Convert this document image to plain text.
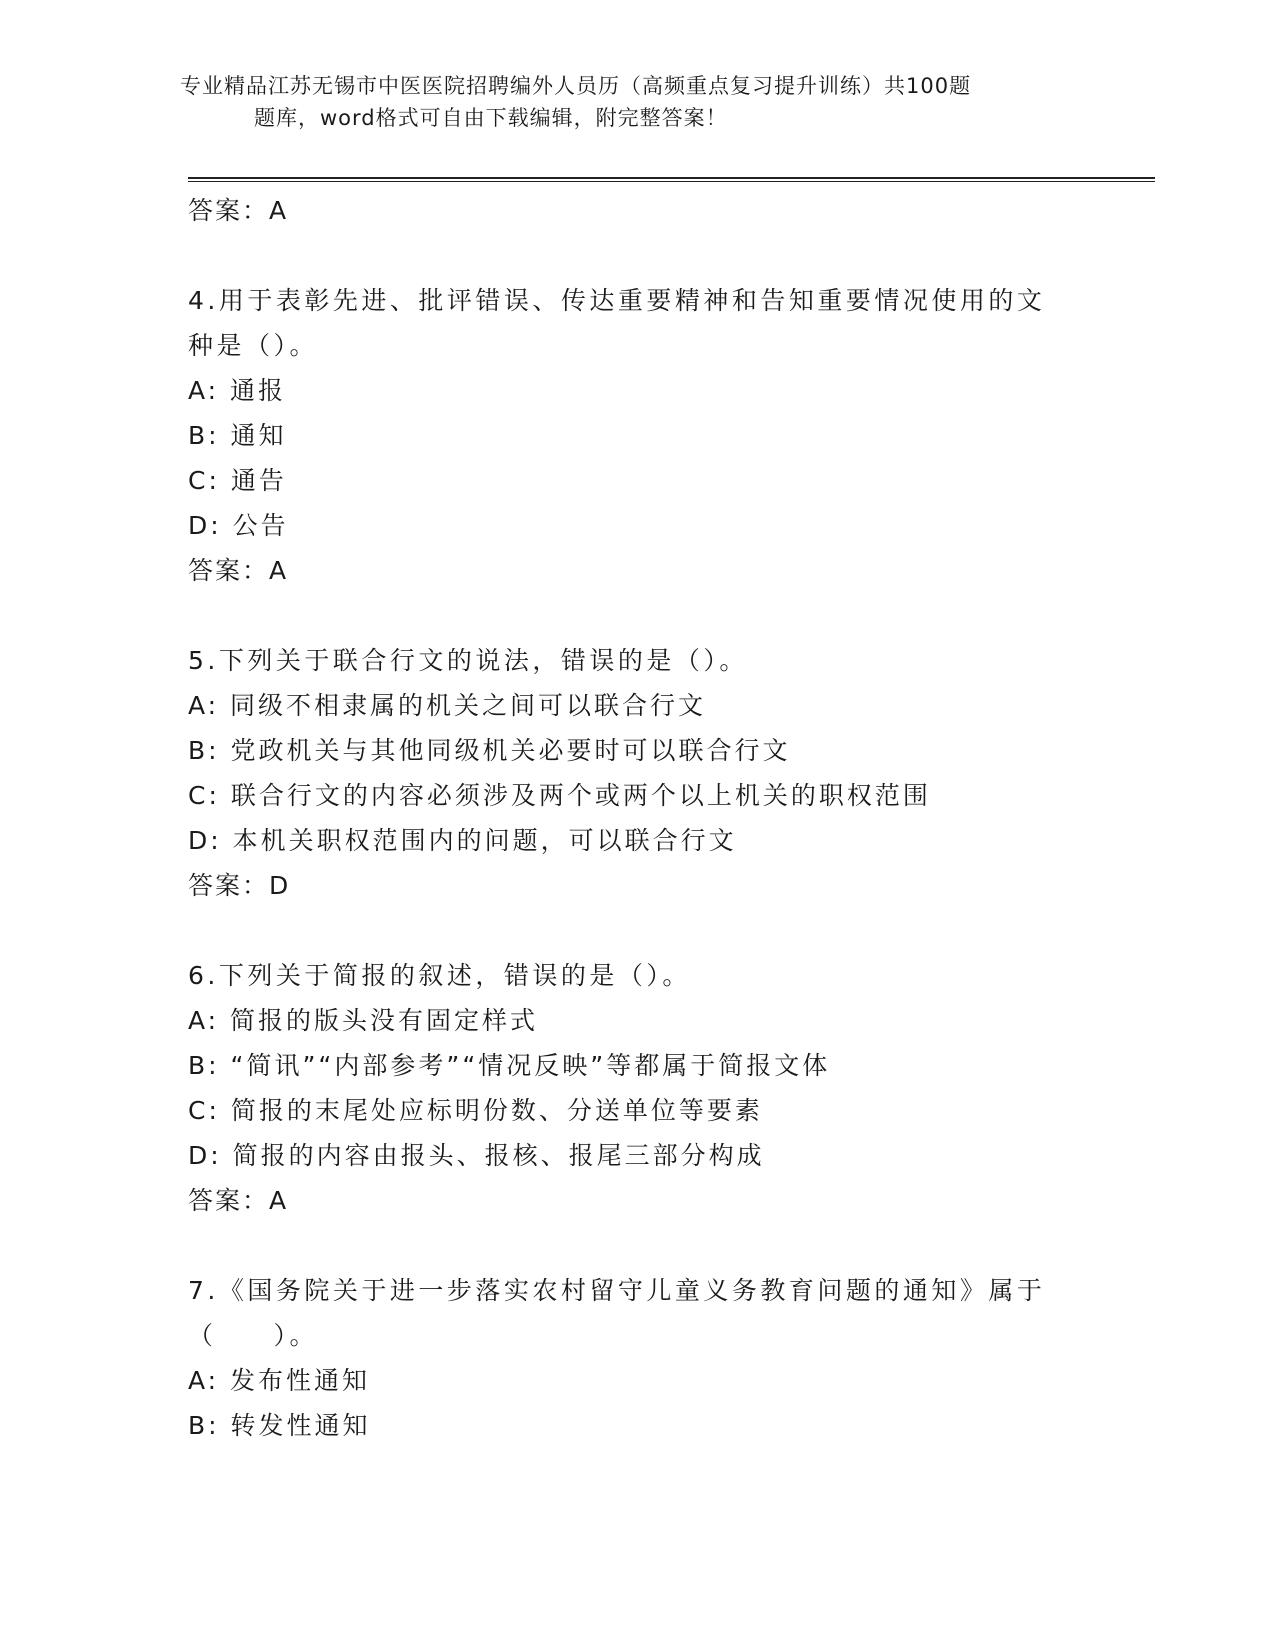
专业精品江苏无锡市中医医院招聘编外人员历（高频重点复习提升训练）共100题
题库，word格式可自由下载编辑，附完整答案！
答案：A
4.用于表彰先进、批评错误、传达重要精神和告知重要情况使用的文
种是（）。
A: 通报
B: 通知
C: 通告
D: 公告
答案：A
5.下列关于联合行文的说法，错误的是（）。
A: 同级不相隶属的机关之间可以联合行文
B: 党政机关与其他同级机关必要时可以联合行文
C: 联合行文的内容必须涉及两个或两个以上机关的职权范围
D: 本机关职权范围内的问题，可以联合行文
答案：D
6.下列关于简报的叙述，错误的是（）。
A: 简报的版头没有固定样式
B: “简讯”“内部参考”“情况反映”等都属于简报文体
C: 简报的末尾处应标明份数、分送单位等要素
D: 简报的内容由报头、报核、报尾三部分构成
答案：A
7.《国务院关于进一步落实农村留守儿童义务教育问题的通知》属于
（　　）。
A: 发布性通知
B: 转发性通知
